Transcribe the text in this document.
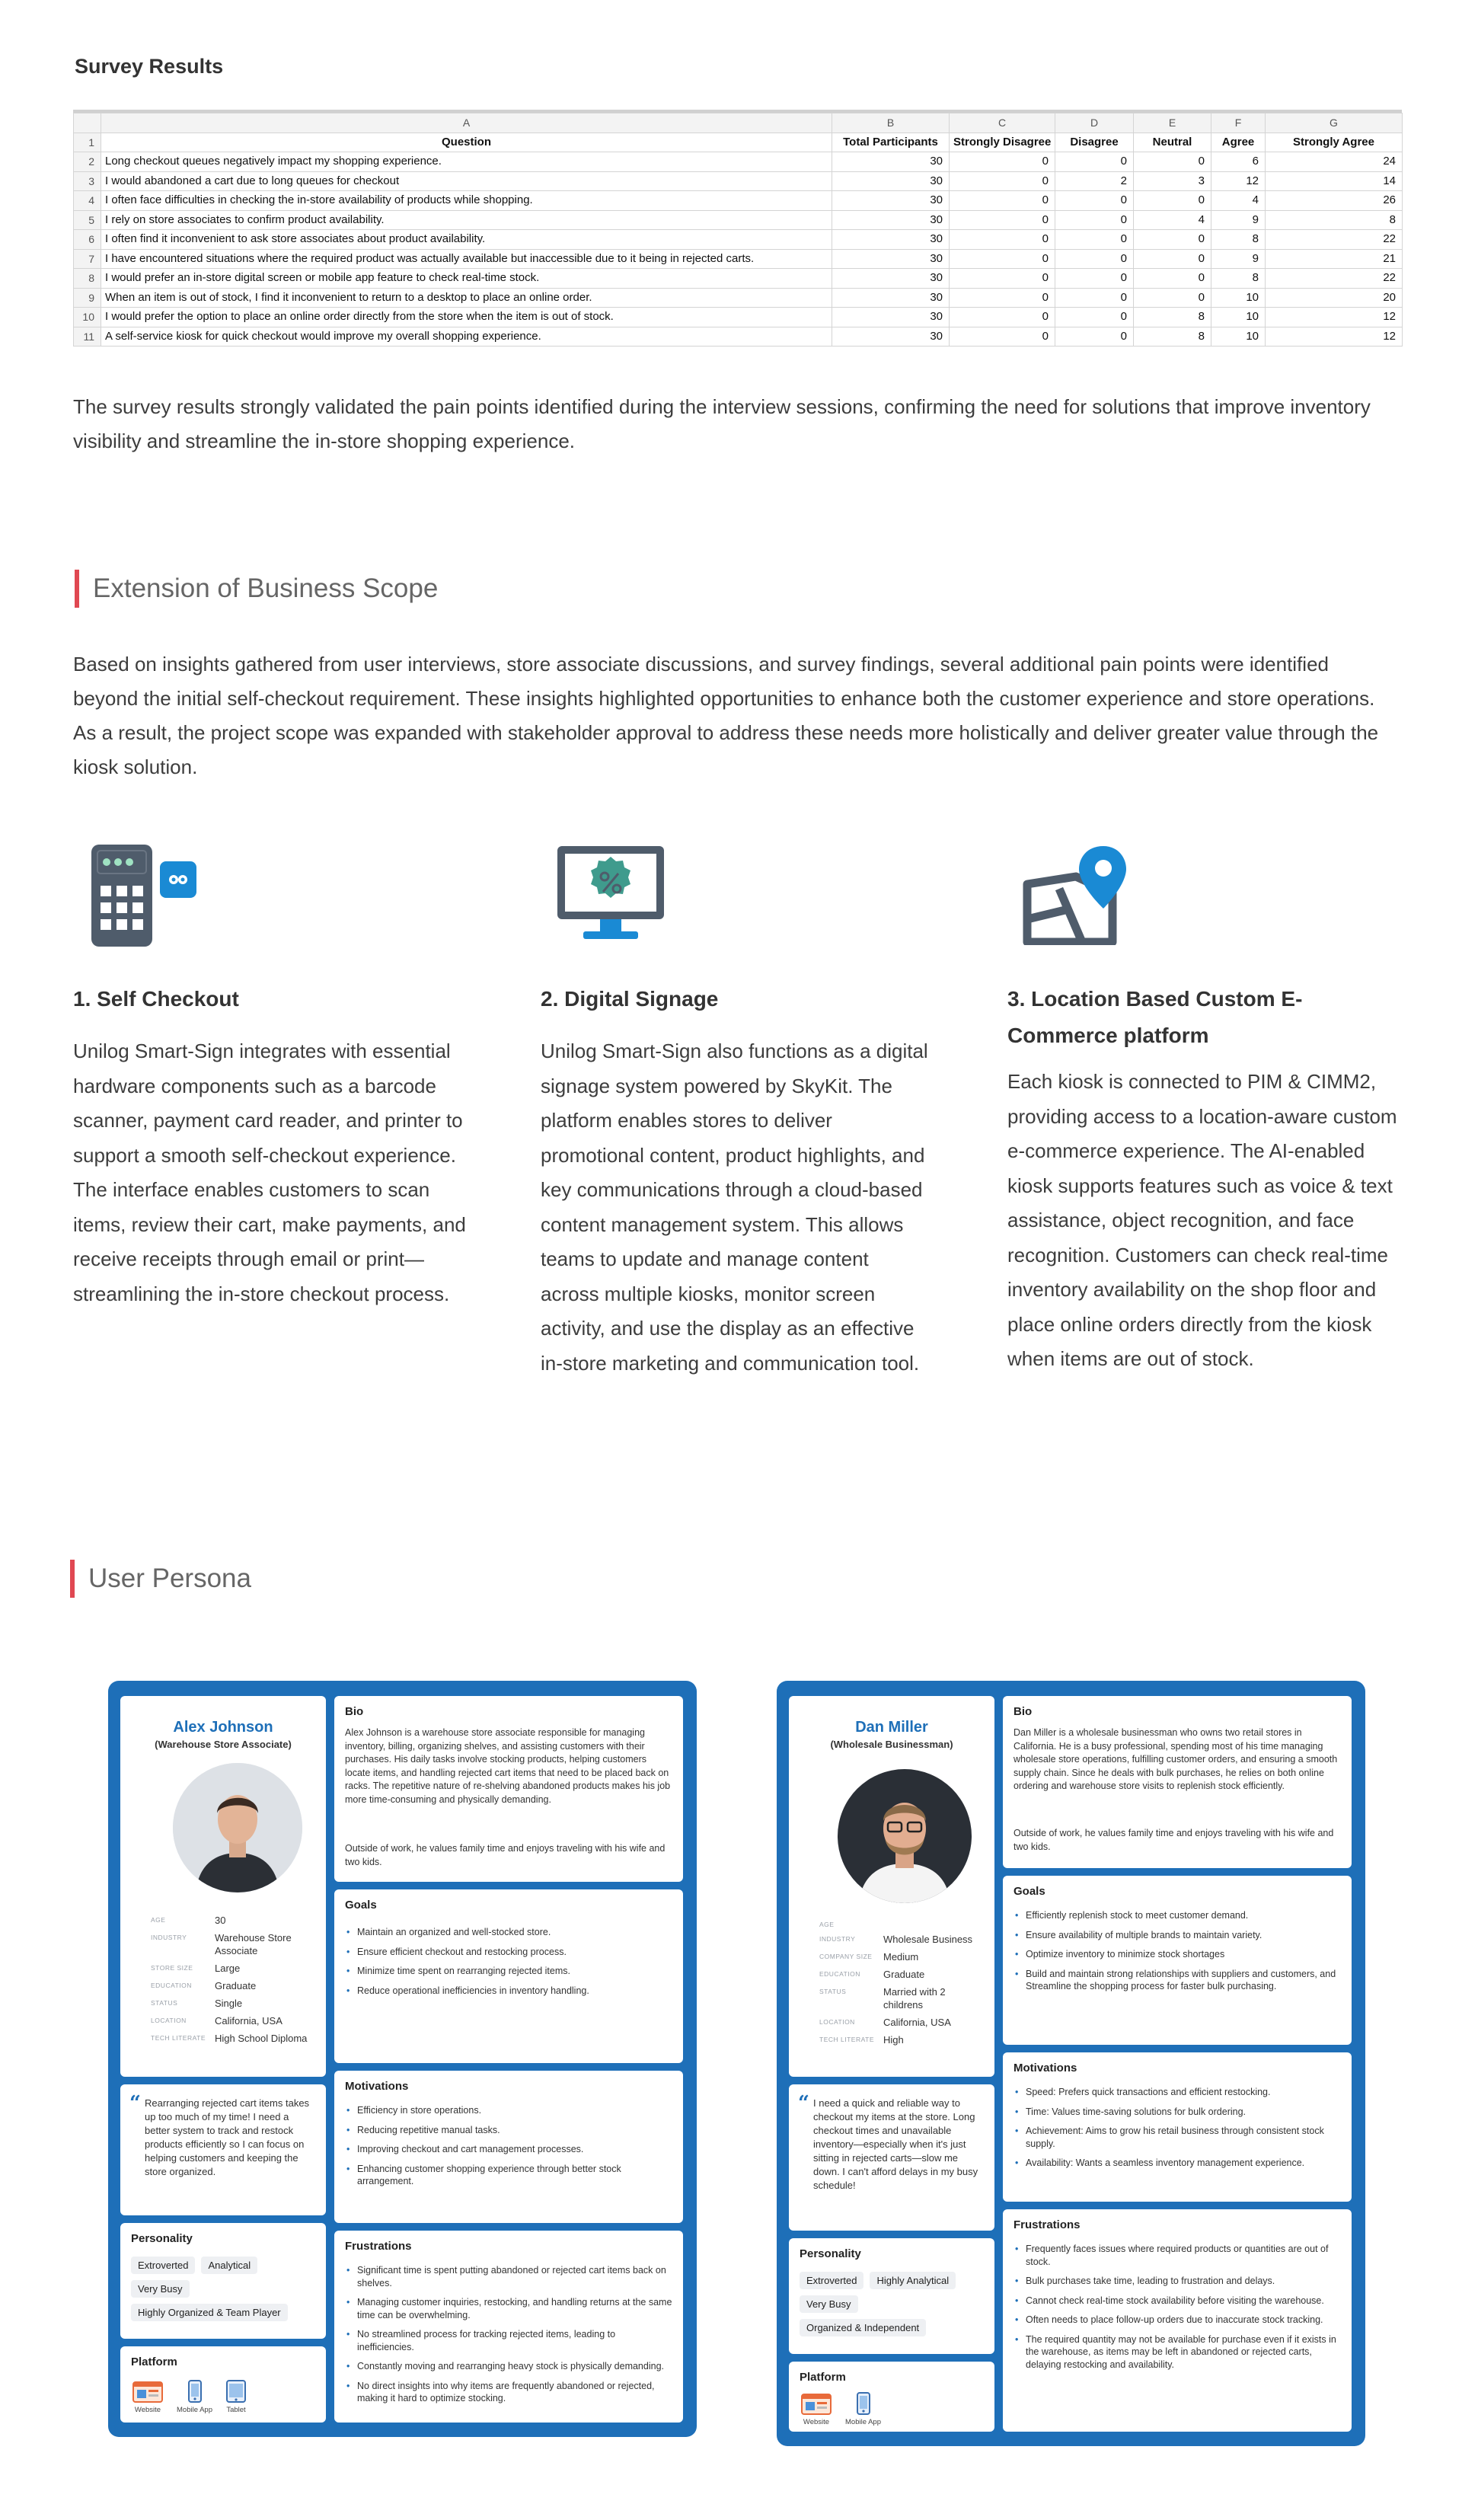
Survey Results
	A	B	C	D	E	F	G
1	Question	Total Participants	Strongly Disagree	Disagree	Neutral	Agree	Strongly Agree
2	Long checkout queues negatively impact my shopping experience.	30	0	0	0	6	24
3	I would abandoned a cart due to long queues for checkout	30	0	2	3	12	14
4	I often face difficulties in checking the in-store availability of products while shopping.	30	0	0	0	4	26
5	I rely on store associates to confirm product availability.	30	0	0	4	9	8
6	I often find it inconvenient to ask store associates about product availability.	30	0	0	0	8	22
7	I have encountered situations where the required product was actually available but inaccessible due to it being in rejected carts.	30	0	0	0	9	21
8	I would prefer an in-store digital screen or mobile app feature to check real-time stock.	30	0	0	0	8	22
9	When an item is out of stock, I find it inconvenient to return to a desktop to place an online order.	30	0	0	0	10	20
10	I would prefer the option to place an online order directly from the store when the item is out of stock.	30	0	0	8	10	12
11	A self-service kiosk for quick checkout would improve my overall shopping experience.	30	0	0	8	10	12
The survey results strongly validated the pain points identified during the interview sessions, confirming the need for solutions that improve inventory visibility and streamline the in-store shopping experience.
Extension of Business Scope
Based on insights gathered from user interviews, store associate discussions, and survey findings, several additional pain points were identified beyond the initial self-checkout requirement. These insights highlighted opportunities to enhance both the customer experience and store operations. As a result, the project scope was expanded with stakeholder approval to address these needs more holistically and deliver greater value through the kiosk solution.
1. Self Checkout
Unilog Smart-Sign integrates with essential hardware components such as a barcode scanner, payment card reader, and printer to support a smooth self-checkout experience. The interface enables customers to scan items, review their cart, make payments, and receive receipts through email or print—streamlining the in-store checkout process.
2. Digital Signage
Unilog Smart-Sign also functions as a digital signage system powered by SkyKit. The platform enables stores to deliver promotional content, product highlights, and key communications through a cloud-based content management system. This allows teams to update and manage content across multiple kiosks, monitor screen activity, and use the display as an effective in-store marketing and communication tool.
3. Location Based Custom E-Commerce platform
Each kiosk is connected to PIM & CIMM2, providing access to a location-aware custom e-commerce experience. The AI-enabled kiosk supports features such as voice & text assistance, object recognition, and face recognition. Customers can check real-time inventory availability on the shop floor and place online orders directly from the kiosk when items are out of stock.
User Persona
Alex Johnson
(Warehouse Store Associate)
AGE	30
INDUSTRY	Warehouse Store Associate
STORE SIZE	Large
EDUCATION	Graduate
STATUS	Single
LOCATION	California, USA
TECH LITERATE High School Diploma
“ Rearranging rejected cart items takes up too much of my time! I need a better system to track and restock products efficiently so I can focus on helping customers and keeping the store organized.
Personality
Extroverted	Analytical
Very Busy
Highly Organized & Team Player
Platform
Website Mobile App Tablet
Bio
Alex Johnson is a warehouse store associate responsible for managing inventory, billing, organizing shelves, and assisting customers with their purchases. His daily tasks involve stocking products, helping customers locate items, and handling rejected cart items that need to be placed back on racks. The repetitive nature of re-shelving abandoned products makes his job more time-consuming and physically demanding.
Outside of work, he values family time and enjoys traveling with his wife and two kids.
Goals
• Maintain an organized and well-stocked store.
• Ensure efficient checkout and restocking process.
• Minimize time spent on rearranging rejected items.
• Reduce operational inefficiencies in inventory handling.
Motivations
• Efficiency in store operations.
• Reducing repetitive manual tasks.
• Improving checkout and cart management processes.
• Enhancing customer shopping experience through better stock arrangement.
Frustrations
• Significant time is spent putting abandoned or rejected cart items back on shelves.
• Managing customer inquiries, restocking, and handling returns at the same time can be overwhelming.
• No streamlined process for tracking rejected items, leading to inefficiencies.
• Constantly moving and rearranging heavy stock is physically demanding.
• No direct insights into why items are frequently abandoned or rejected, making it hard to optimize stocking.
Dan Miller
(Wholesale Businessman)
AGE
INDUSTRY	Wholesale Business
COMPANY SIZE	Medium
EDUCATION	Graduate
STATUS	Married with 2 childrens
LOCATION	California, USA
TECH LITERATE High
“ I need a quick and reliable way to checkout my items at the store. Long checkout times and unavailable inventory—especially when it's just sitting in rejected carts—slow me down. I can't afford delays in my busy schedule!
Personality
Extroverted	Highly Analytical
Very Busy
Organized & Independent
Platform
Website Mobile App
Bio
Dan Miller is a wholesale businessman who owns two retail stores in California. He is a busy professional, spending most of his time managing wholesale store operations, fulfilling customer orders, and ensuring a smooth supply chain. Since he deals with bulk purchases, he relies on both online ordering and warehouse store visits to replenish stock efficiently.
Outside of work, he values family time and enjoys traveling with his wife and two kids.
Goals
• Efficiently replenish stock to meet customer demand.
• Ensure availability of multiple brands to maintain variety.
• Optimize inventory to minimize stock shortages
• Build and maintain strong relationships with suppliers and customers, and Streamline the shopping process for faster bulk purchasing.
Motivations
• Speed: Prefers quick transactions and efficient restocking.
• Time: Values time-saving solutions for bulk ordering.
• Achievement: Aims to grow his retail business through consistent stock supply.
• Availability: Wants a seamless inventory management experience.
Frustrations
• Frequently faces issues where required products or quantities are out of stock.
• Bulk purchases take time, leading to frustration and delays.
• Cannot check real-time stock availability before visiting the warehouse.
• Often needs to place follow-up orders due to inaccurate stock tracking.
• The required quantity may not be available for purchase even if it exists in the warehouse, as items may be left in abandoned or rejected carts, delaying restocking and availability.
